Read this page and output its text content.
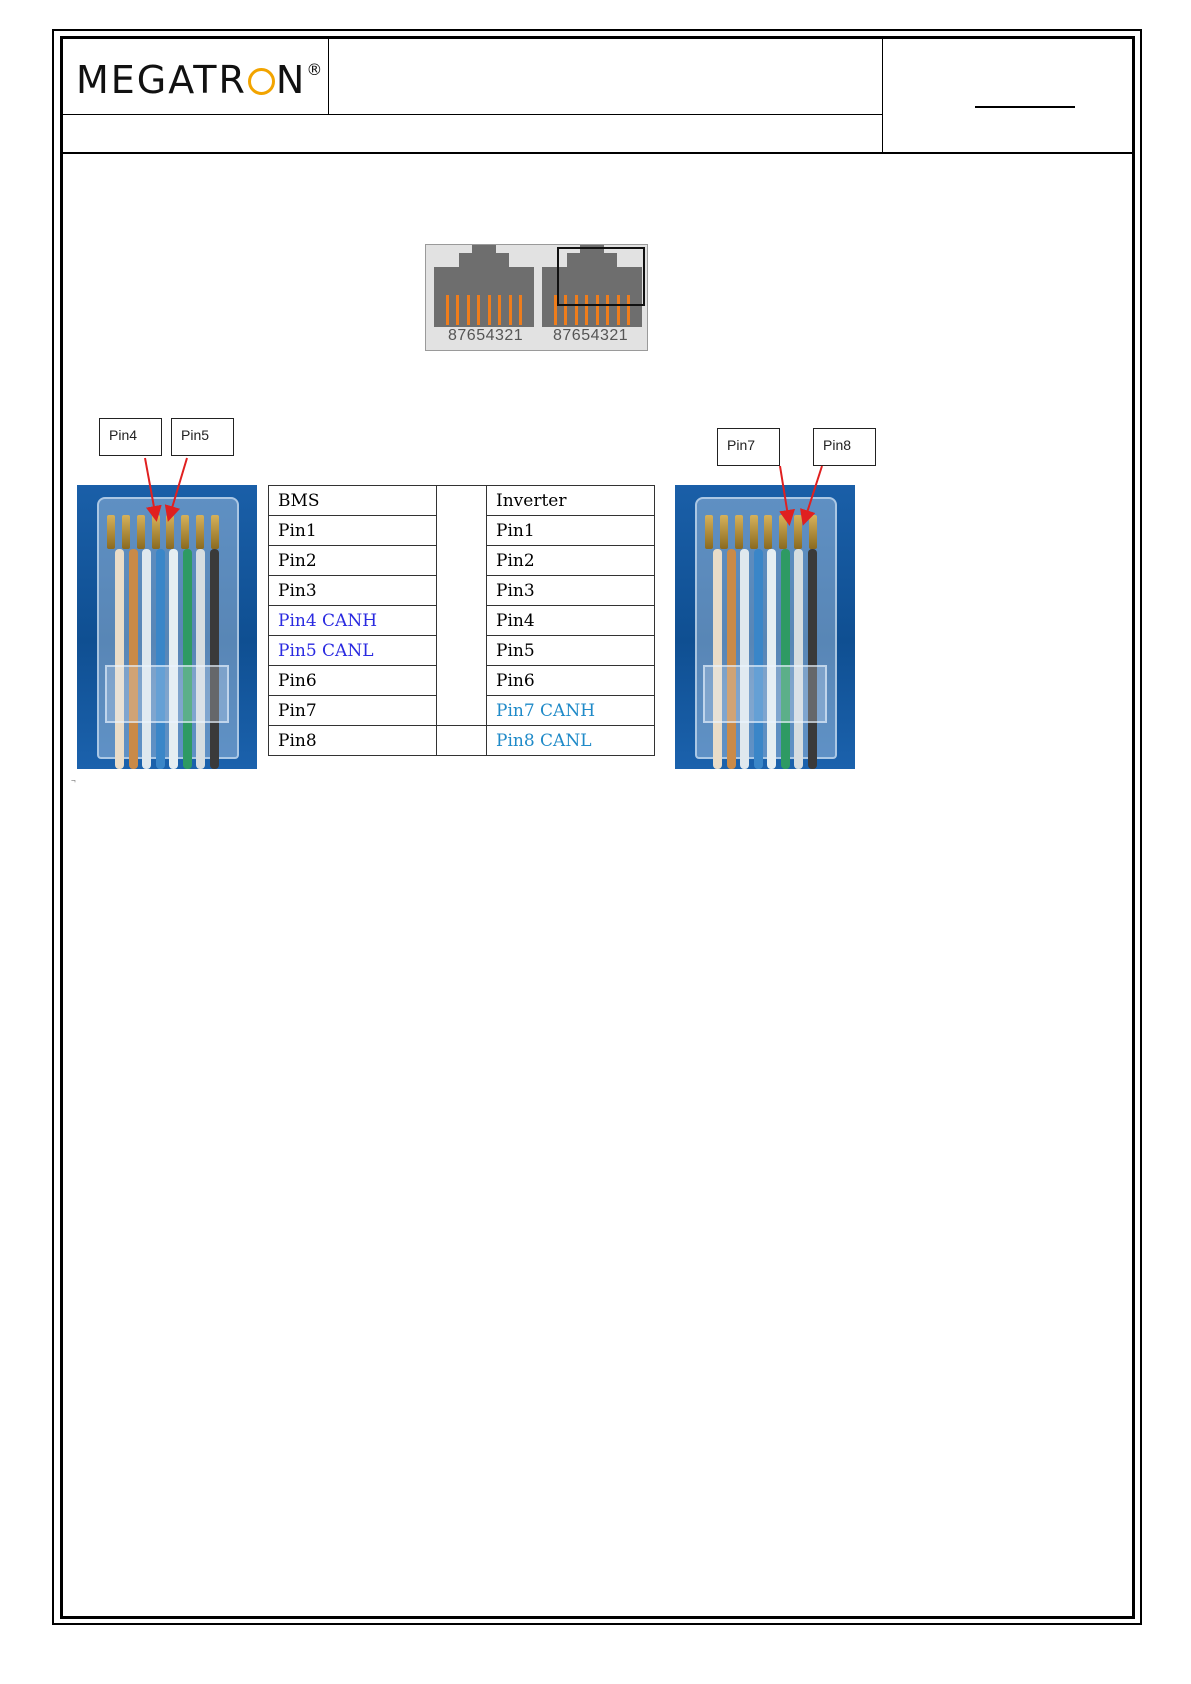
MEGATR N®
87654321 87654321
Pin4	Pin5
Pin7	Pin8
BMS		Inverter
Pin1		Pin1
Pin2		Pin2
Pin3		Pin3
Pin4 CANH		Pin4
Pin5 CANL		Pin5
Pin6		Pin6
Pin7		Pin7 CANH
Pin8		Pin8 CANL
¬
